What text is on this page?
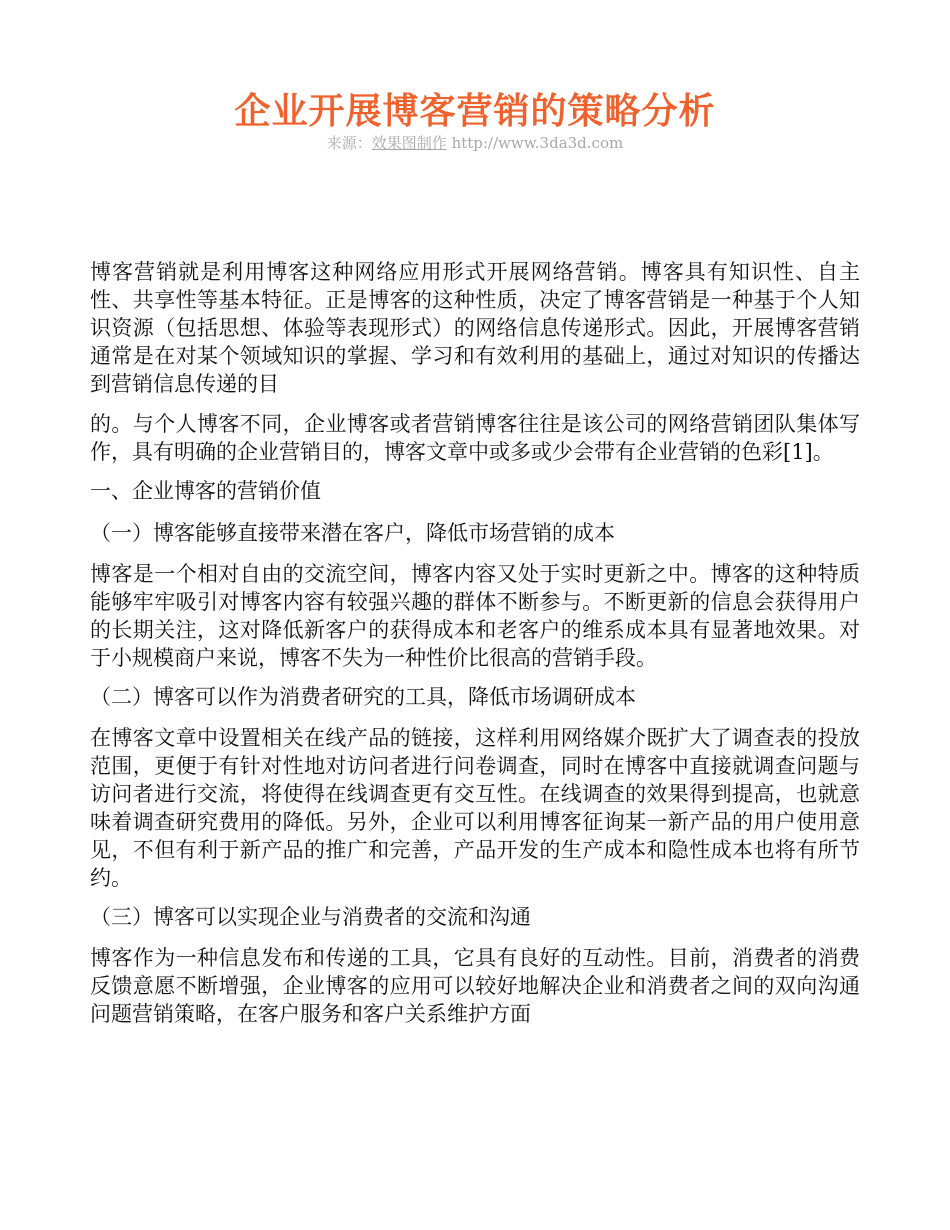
企业开展博客营销的策略分析
来源：效果图制作 http://www.3da3d.com

博客营销就是利用博客这种网络应用形式开展网络营销。博客具有知识性、自主性、共享性等基本特征。正是博客的这种性质，决定了博客营销是一种基于个人知识资源（包括思想、体验等表现形式）的网络信息传递形式。因此，开展博客营销通常是在对某个领域知识的掌握、学习和有效利用的基础上，通过对知识的传播达到营销信息传递的目

的。与个人博客不同，企业博客或者营销博客往往是该公司的网络营销团队集体写作，具有明确的企业营销目的，博客文章中或多或少会带有企业营销的色彩[1]。

一、企业博客的营销价值
（一）博客能够直接带来潜在客户，降低市场营销的成本

博客是一个相对自由的交流空间，博客内容又处于实时更新之中。博客的这种特质能够牢牢吸引对博客内容有较强兴趣的群体不断参与。不断更新的信息会获得用户的长期关注，这对降低新客户的获得成本和老客户的维系成本具有显著地效果。对于小规模商户来说，博客不失为一种性价比很高的营销手段。

（二）博客可以作为消费者研究的工具，降低市场调研成本

在博客文章中设置相关在线产品的链接，这样利用网络媒介既扩大了调查表的投放范围，更便于有针对性地对访问者进行问卷调查，同时在博客中直接就调查问题与访问者进行交流，将使得在线调查更有交互性。在线调查的效果得到提高，也就意味着调查研究费用的降低。另外，企业可以利用博客征询某一新产品的用户使用意见，不但有利于新产品的推广和完善，产品开发的生产成本和隐性成本也将有所节约。

（三）博客可以实现企业与消费者的交流和沟通

博客作为一种信息发布和传递的工具，它具有良好的互动性。目前，消费者的消费反馈意愿不断增强，企业博客的应用可以较好地解决企业和消费者之间的双向沟通问题营销策略，在客户服务和客户关系维护方面
